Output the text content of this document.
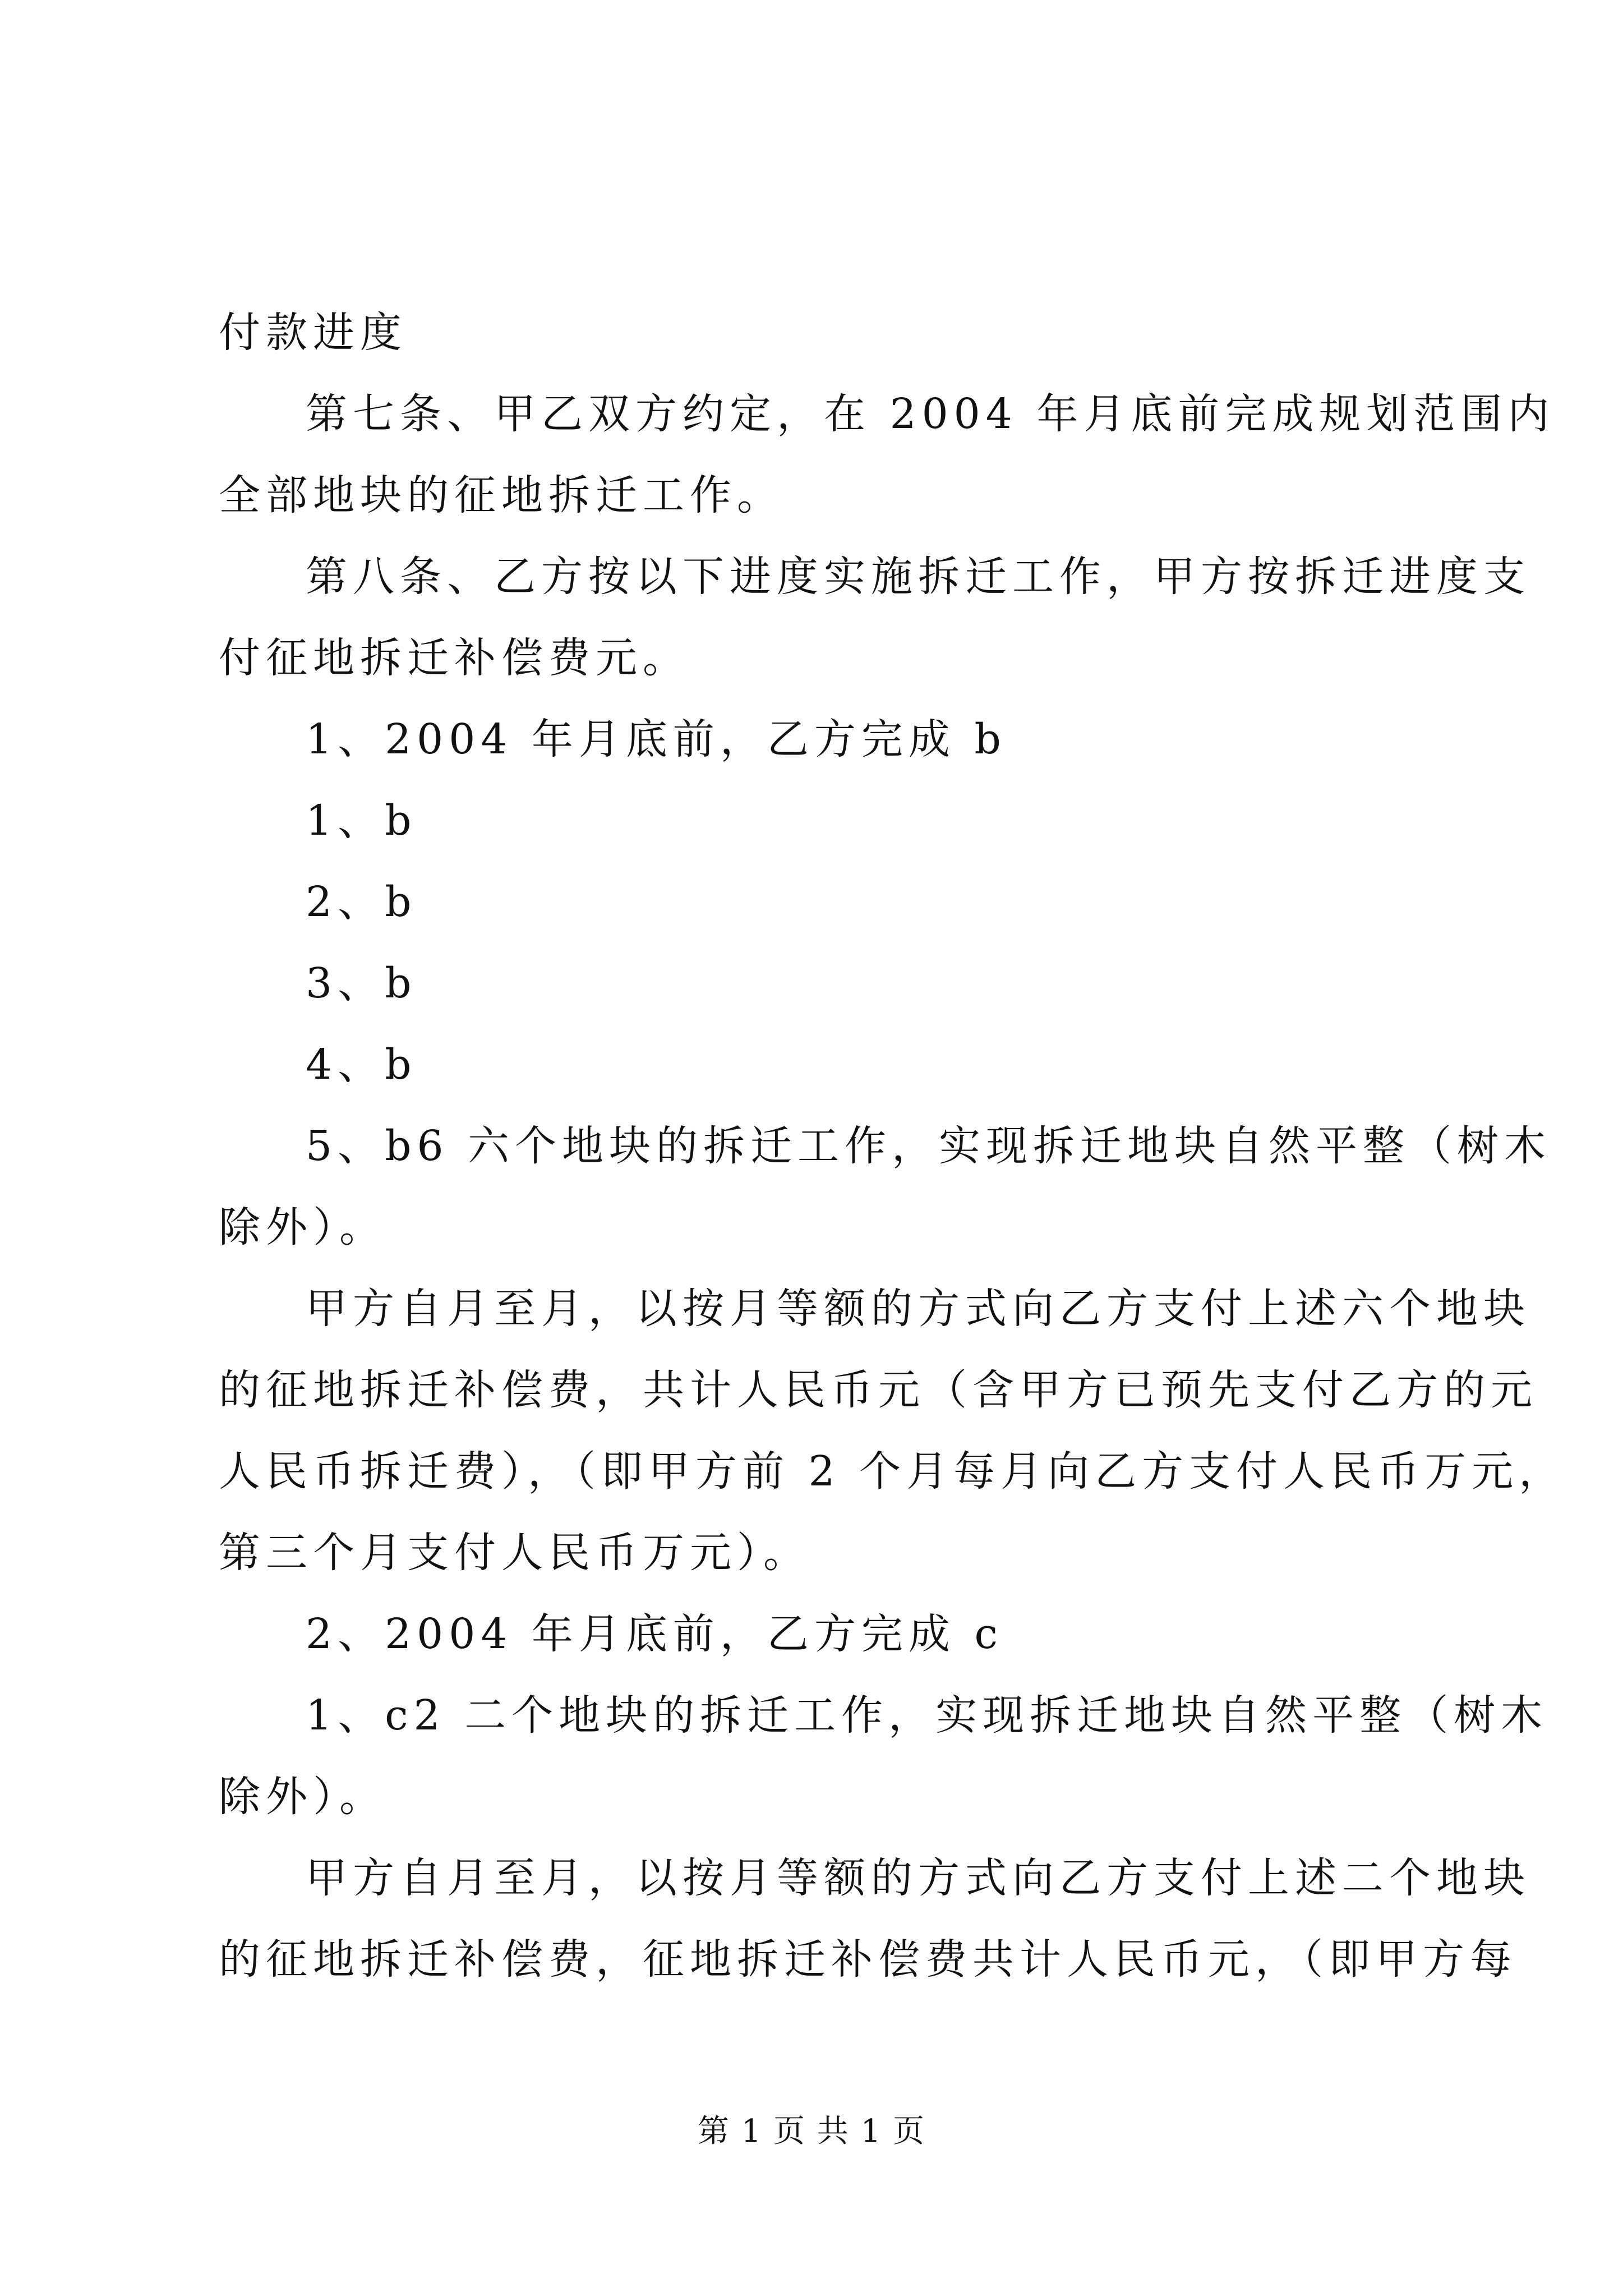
付款进度
第七条、甲乙双方约定，在 2004 年月底前完成规划范围内
全部地块的征地拆迁工作。
第八条、乙方按以下进度实施拆迁工作，甲方按拆迁进度支
付征地拆迁补偿费元。
1、2004 年月底前，乙方完成 b
1、b
2、b
3、b
4、b
5、b6 六个地块的拆迁工作，实现拆迁地块自然平整（树木
除外）。
甲方自月至月，以按月等额的方式向乙方支付上述六个地块
的征地拆迁补偿费，共计人民币元（含甲方已预先支付乙方的元
人民币拆迁费），（即甲方前 2 个月每月向乙方支付人民币万元，
第三个月支付人民币万元）。
2、2004 年月底前，乙方完成 c
1、c2 二个地块的拆迁工作，实现拆迁地块自然平整（树木
除外）。
甲方自月至月，以按月等额的方式向乙方支付上述二个地块
的征地拆迁补偿费，征地拆迁补偿费共计人民币元，（即甲方每
第 1 页 共 1 页
